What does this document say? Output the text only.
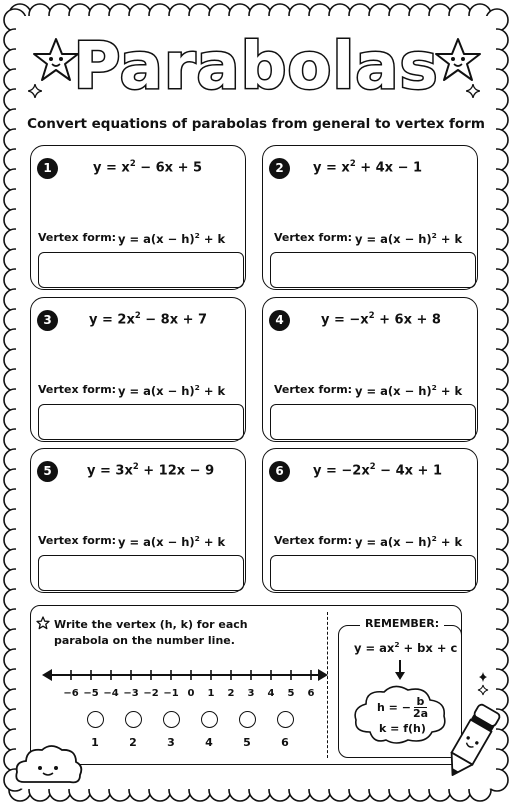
Parabolas
Convert equations of parabolas from general to vertex form
1	$y = x^2 - 6x + 5$
Vertex form: $y = a(x - h)^2 + k$
2	$y = x^2 + 4x - 1$
Vertex form: $y = a(x - h)^2 + k$
3	$y = 2x^2 - 8x + 7$
Vertex form: $y = a(x - h)^2 + k$
4	$y = -x^2 + 6x + 8$
Vertex form: $y = a(x - h)^2 + k$
5	$y = 3x^2 + 12x - 9$
Vertex form: $y = a(x - h)^2 + k$
6	$y = -2x^2 - 4x + 1$
Vertex form: $y = a(x - h)^2 + k$
Write the vertex (h, k) for each
parabola on the number line.
−6 −5 −4 −3 −2 −1 0	1	2	3	4	5	6
1	2	3	4	5	6
REMEMBER:
$y = ax^2$ + bx + c
h = − $\frac{b}{2a}$
k = f(h)
